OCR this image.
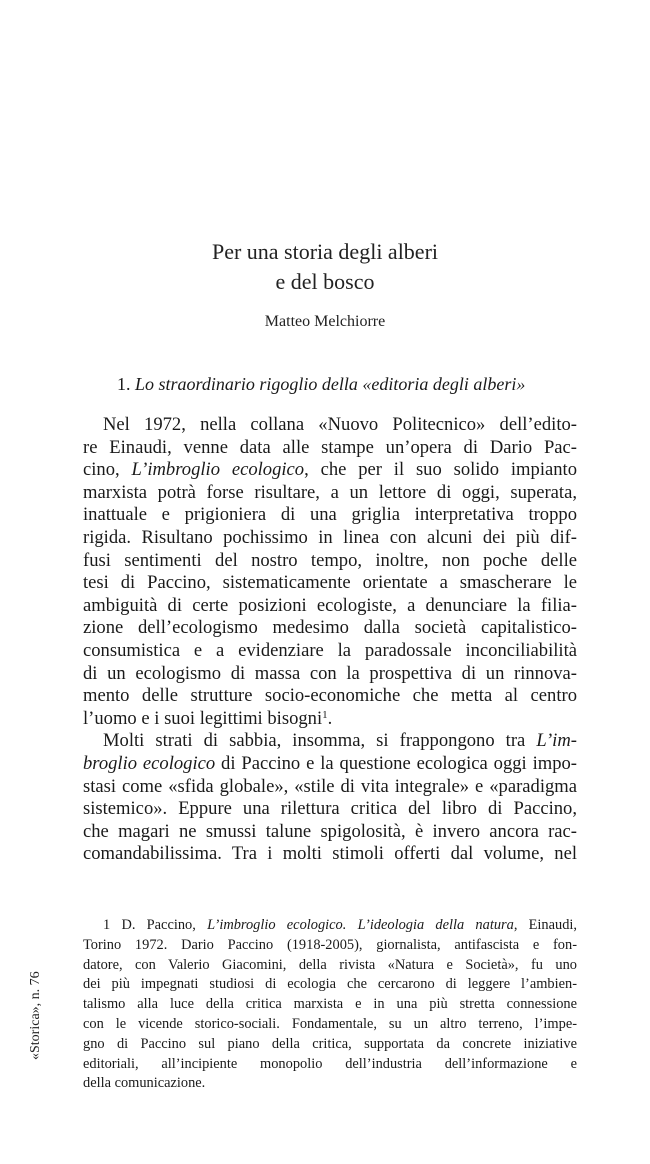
Per una storia degli alberi
e del bosco
Matteo Melchiorre
1. Lo straordinario rigoglio della «editoria degli alberi»
Nel 1972, nella collana «Nuovo Politecnico» dell’edito-
re Einaudi, venne data alle stampe un’opera di Dario Pac-
cino, L’imbroglio ecologico, che per il suo solido impianto
marxista potrà forse risultare, a un lettore di oggi, superata,
inattuale e prigioniera di una griglia interpretativa troppo
rigida. Risultano pochissimo in linea con alcuni dei più dif-
fusi sentimenti del nostro tempo, inoltre, non poche delle
tesi di Paccino, sistematicamente orientate a smascherare le
ambiguità di certe posizioni ecologiste, a denunciare la filia-
zione dell’ecologismo medesimo dalla società capitalistico-
consumistica e a evidenziare la paradossale inconciliabilità
di un ecologismo di massa con la prospettiva di un rinnova-
mento delle strutture socio-economiche che metta al centro
l’uomo e i suoi legittimi bisogni$^1$.
Molti strati di sabbia, insomma, si frappongono tra L’im-
broglio ecologico di Paccino e la questione ecologica oggi impo-
stasi come «sfida globale», «stile di vita integrale» e «paradigma
sistemico». Eppure una rilettura critica del libro di Paccino,
che magari ne smussi talune spigolosità, è invero ancora rac-
comandabilissima. Tra i molti stimoli offerti dal volume, nel
1 D. Paccino, L’imbroglio ecologico. L’ideologia della natura, Einaudi,
Torino 1972. Dario Paccino (1918-2005), giornalista, antifascista e fon-
datore, con Valerio Giacomini, della rivista «Natura e Società», fu uno
dei più impegnati studiosi di ecologia che cercarono di leggere l’ambien-
talismo alla luce della critica marxista e in una più stretta connessione
con le vicende storico-sociali. Fondamentale, su un altro terreno, l’impe-
gno di Paccino sul piano della critica, supportata da concrete iniziative
editoriali, all’incipiente monopolio dell’industria dell’informazione e
della comunicazione.
«Storica», n. 76
